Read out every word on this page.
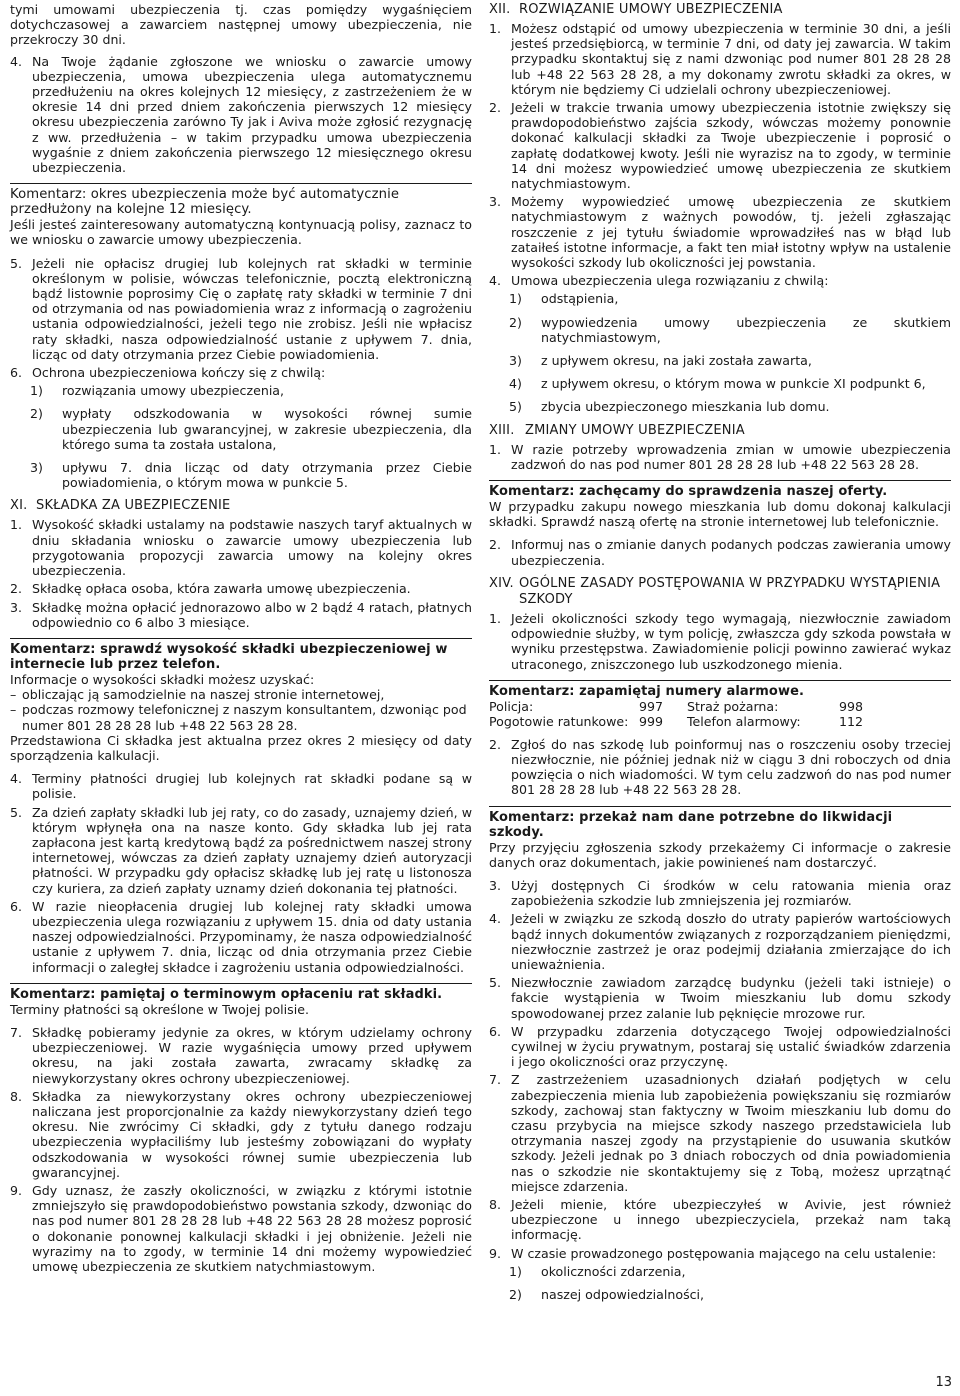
tymi umowami ubezpieczenia tj. czas pomiędzy wygaśnięciem dotychczasowej a zawarciem następnej umowy ubezpieczenia, nie przekroczy 30 dni.

4. Na Twoje żądanie zgłoszone we wniosku o zawarcie umowy ubezpieczenia, umowa ubezpieczenia ulega automatycznemu przedłużeniu na okres kolejnych 12 miesięcy, z zastrzeżeniem że w okresie 14 dni przed dniem zakończenia pierwszych 12 miesięcy okresu ubezpieczenia zarówno Ty jak i Aviva może zgłosić rezygnację z ww. przedłużenia – w takim przypadku umowa ubezpieczenia wygaśnie z dniem zakończenia pierwszego 12 miesięcznego okresu ubezpieczenia.
Komentarz: okres ubezpieczenia może być automatycznie przedłużony na kolejne 12 miesięcy.

Jeśli jesteś zainteresowany automatyczną kontynuacją polisy, zaznacz to we wniosku o zawarcie umowy ubezpieczenia.

5. Jeżeli nie opłacisz drugiej lub kolejnych rat składki w terminie określonym w polisie, wówczas telefonicznie, pocztą elektroniczną bądź listownie poprosimy Cię o zapłatę raty składki w terminie 7 dni od otrzymania od nas powiadomienia wraz z informacją o zagrożeniu ustania odpowiedzialności, jeżeli tego nie zrobisz. Jeśli nie wpłacisz raty składki, nasza odpowiedzialność ustanie z upływem 7. dnia, licząc od daty otrzymania przez Ciebie powiadomienia.
6. Ochrona ubezpieczeniowa kończy się z chwilą:
1)	rozwiązania umowy ubezpieczenia,
2)	wypłaty odszkodowania w wysokości równej sumie ubezpieczenia lub gwarancyjnej, w zakresie ubezpieczenia, dla którego suma ta została ustalona,
3)	upływu 7. dnia licząc od daty otrzymania przez Ciebie powiadomienia, o którym mowa w punkcie 5.
XI. SKŁADKA ZA UBEZPIECZENIE
1. Wysokość składki ustalamy na podstawie naszych taryf aktualnych w dniu składania wniosku o zawarcie umowy ubezpieczenia lub przygotowania propozycji zawarcia umowy na kolejny okres ubezpieczenia.
2. Składkę opłaca osoba, która zawarła umowę ubezpieczenia.
3. Składkę można opłacić jednorazowo albo w 2 bądź 4 ratach, płatnych odpowiednio co 6 albo 3 miesiące.
Komentarz: sprawdź wysokość składki ubezpieczeniowej w internecie lub przez telefon.

Informacje o wysokości składki możesz uzyskać:

– obliczając ją samodzielnie na naszej stronie internetowej,
– podczas rozmowy telefonicznej z naszym konsultantem, dzwoniąc pod numer 801 28 28 28 lub +48 22 563 28 28.

Przedstawiona Ci składka jest aktualna przez okres 2 miesięcy od daty sporządzenia kalkulacji.

4. Terminy płatności drugiej lub kolejnych rat składki podane są w polisie.
5. Za dzień zapłaty składki lub jej raty, co do zasady, uznajemy dzień, w którym wpłynęła ona na nasze konto. Gdy składka lub jej rata zapłacona jest kartą kredytową bądź za pośrednictwem naszej strony internetowej, wówczas za dzień zapłaty uznajemy dzień autoryzacji płatności. W przypadku gdy opłacisz składkę lub jej ratę u listonosza czy kuriera, za dzień zapłaty uznamy dzień dokonania tej płatności.
6. W razie nieopłacenia drugiej lub kolejnej raty składki umowa ubezpieczenia ulega rozwiązaniu z upływem 15. dnia od daty ustania naszej odpowiedzialności. Przypominamy, że nasza odpowiedzialność ustanie z upływem 7. dnia, licząc od dnia otrzymania przez Ciebie informacji o zaległej składce i zagrożeniu ustania odpowiedzialności.
Komentarz: pamiętaj o terminowym opłaceniu rat składki.

Terminy płatności są określone w Twojej polisie.

7. Składkę pobieramy jedynie za okres, w którym udzielamy ochrony ubezpieczeniowej. W razie wygaśnięcia umowy przed upływem okresu, na jaki została zawarta, zwracamy składkę za niewykorzystany okres ochrony ubezpieczeniowej.
8. Składka za niewykorzystany okres ochrony ubezpieczeniowej naliczana jest proporcjonalnie za każdy niewykorzystany dzień tego okresu. Nie zwrócimy Ci składki, gdy z tytułu danego rodzaju ubezpieczenia wypłaciliśmy lub jesteśmy zobowiązani do wypłaty odszkodowania w wysokości równej sumie ubezpieczenia lub gwarancyjnej.
9. Gdy uznasz, że zaszły okoliczności, w związku z którymi istotnie zmniejszyło się prawdopodobieństwo powstania szkody, dzwoniąc do nas pod numer 801 28 28 28 lub +48 22 563 28 28 możesz poprosić o dokonanie ponownej kalkulacji składki i jej obniżenie. Jeżeli nie wyrazimy na to zgody, w terminie 14 dni możemy wypowiedzieć umowę ubezpieczenia ze skutkiem natychmiastowym.
XII. ROZWIĄZANIE UMOWY UBEZPIECZENIA
1. Możesz odstąpić od umowy ubezpieczenia w terminie 30 dni, a jeśli jesteś przedsiębiorcą, w terminie 7 dni, od daty jej zawarcia. W takim przypadku skontaktuj się z nami dzwoniąc pod numer 801 28 28 28 lub +48 22 563 28 28, a my dokonamy zwrotu składki za okres, w którym nie będziemy Ci udzielali ochrony ubezpieczeniowej.
2. Jeżeli w trakcie trwania umowy ubezpieczenia istotnie zwiększy się prawdopodobieństwo zajścia szkody, wówczas możemy ponownie dokonać kalkulacji składki za Twoje ubezpieczenie i poprosić o zapłatę dodatkowej kwoty. Jeśli nie wyrazisz na to zgody, w terminie 14 dni możesz wypowiedzieć umowę ubezpieczenia ze skutkiem natychmiastowym.
3. Możemy wypowiedzieć umowę ubezpieczenia ze skutkiem natychmiastowym z ważnych powodów, tj. jeżeli zgłaszając roszczenie z jej tytułu świadomie wprowadziłeś nas w błąd lub zataiłeś istotne informacje, a fakt ten miał istotny wpływ na ustalenie wysokości szkody lub okoliczności jej powstania.
4. Umowa ubezpieczenia ulega rozwiązaniu z chwilą:
1)	odstąpienia,
2)	wypowiedzenia umowy ubezpieczenia ze skutkiem natychmiastowym,
3)	z upływem okresu, na jaki została zawarta,
4)	z upływem okresu, o którym mowa w punkcie XI podpunkt 6,
5)	zbycia ubezpieczonego mieszkania lub domu.
XIII. ZMIANY UMOWY UBEZPIECZENIA
1. W razie potrzeby wprowadzenia zmian w umowie ubezpieczenia zadzwoń do nas pod numer 801 28 28 28 lub +48 22 563 28 28.
Komentarz: zachęcamy do sprawdzenia naszej oferty.

W przypadku zakupu nowego mieszkania lub domu dokonaj kalkulacji składki. Sprawdź naszą ofertę na stronie internetowej lub telefonicznie.

2. Informuj nas o zmianie danych podanych podczas zawierania umowy ubezpieczenia.
XIV. OGÓLNE ZASADY POSTĘPOWANIA W PRZYPADKU WYSTĄPIENIA SZKODY
1. Jeżeli okoliczności szkody tego wymagają, niezwłocznie zawiadom odpowiednie służby, w tym policję, zwłaszcza gdy szkoda powstała w wyniku przestępstwa. Zawiadomienie policji powinno zawierać wykaz utraconego, zniszczonego lub uszkodzonego mienia.
Komentarz: zapamiętaj numery alarmowe.
Policja:	997	Straż pożarna:	998
Pogotowie ratunkowe:	999	Telefon alarmowy:	112
2. Zgłoś do nas szkodę lub poinformuj nas o roszczeniu osoby trzeciej niezwłocznie, nie później jednak niż w ciągu 3 dni roboczych od dnia powzięcia o nich wiadomości. W tym celu zadzwoń do nas pod numer 801 28 28 28 lub +48 22 563 28 28.
Komentarz: przekaż nam dane potrzebne do likwidacji szkody.

Przy przyjęciu zgłoszenia szkody przekażemy Ci informacje o zakresie danych oraz dokumentach, jakie powinieneś nam dostarczyć.

3. Użyj dostępnych Ci środków w celu ratowania mienia oraz zapobieżenia szkodzie lub zmniejszenia jej rozmiarów.
4. Jeżeli w związku ze szkodą doszło do utraty papierów wartościowych bądź innych dokumentów związanych z rozporządzaniem pieniędzmi, niezwłocznie zastrzeż je oraz podejmij działania zmierzające do ich unieważnienia.
5. Niezwłocznie zawiadom zarządcę budynku (jeżeli taki istnieje) o fakcie wystąpienia w Twoim mieszkaniu lub domu szkody spowodowanej przez zalanie lub pęknięcie mrozowe rur.
6. W przypadku zdarzenia dotyczącego Twojej odpowiedzialności cywilnej w życiu prywatnym, postaraj się ustalić świadków zdarzenia i jego okoliczności oraz przyczynę.
7. Z zastrzeżeniem uzasadnionych działań podjętych w celu zabezpieczenia mienia lub zapobieżenia powiększaniu się rozmiarów szkody, zachowaj stan faktyczny w Twoim mieszkaniu lub domu do czasu przybycia na miejsce szkody naszego przedstawiciela lub otrzymania naszej zgody na przystąpienie do usuwania skutków szkody. Jeżeli jednak po 3 dniach roboczych od dnia powiadomienia nas o szkodzie nie skontaktujemy się z Tobą, możesz uprzątnąć miejsce zdarzenia.
8. Jeżeli mienie, które ubezpieczyłeś w Avivie, jest również ubezpieczone u innego ubezpieczyciela, przekaż nam taką informację.
9. W czasie prowadzonego postępowania mającego na celu ustalenie:
1)	okoliczności zdarzenia,
2)	naszej odpowiedzialności,
13
